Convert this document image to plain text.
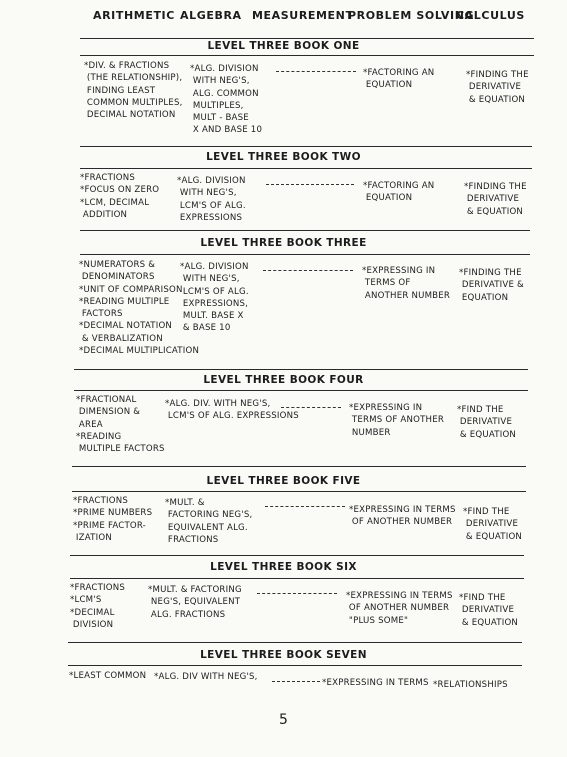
ARITHMETIC ALGEBRA MEASUREMENT
PROBLEM SOLVING
CALCULUS
LEVEL THREE BOOK ONE
*DIV. & FRACTIONS
(THE RELATIONSHIP),
FINDING LEAST
COMMON MULTIPLES,
DECIMAL NOTATION
*ALG. DIVISION
WITH NEG'S,
ALG. COMMON
MULTIPLES,
MULT - BASE
X AND BASE 10
*FACTORING AN
EQUATION
*FINDING THE
DERIVATIVE
& EQUATION
LEVEL THREE BOOK TWO
*FRACTIONS
*FOCUS ON ZERO
*LCM, DECIMAL
ADDITION
*ALG. DIVISION
WITH NEG'S,
LCM'S OF ALG.
EXPRESSIONS
*FACTORING AN
EQUATION
*FINDING THE
DERIVATIVE
& EQUATION
LEVEL THREE BOOK THREE
*NUMERATORS &
DENOMINATORS
*UNIT OF COMPARISON
*READING MULTIPLE
FACTORS
*DECIMAL NOTATION
& VERBALIZATION
*DECIMAL MULTIPLICATION
*ALG. DIVISION
WITH NEG'S,
LCM'S OF ALG.
EXPRESSIONS,
MULT. BASE X
& BASE 10
*EXPRESSING IN
TERMS OF
ANOTHER NUMBER
*FINDING THE
DERIVATIVE &
EQUATION
LEVEL THREE BOOK FOUR
*FRACTIONAL
DIMENSION &
AREA
*READING
MULTIPLE FACTORS
*ALG. DIV. WITH NEG'S,
LCM'S OF ALG. EXPRESSIONS
*EXPRESSING IN
TERMS OF ANOTHER
NUMBER
*FIND THE
DERIVATIVE
& EQUATION
LEVEL THREE BOOK FIVE
*FRACTIONS
*PRIME NUMBERS
*PRIME FACTOR-
IZATION
*MULT. &
FACTORING NEG'S,
EQUIVALENT ALG.
FRACTIONS
*EXPRESSING IN TERMS
OF ANOTHER NUMBER
*FIND THE
DERIVATIVE
& EQUATION
LEVEL THREE BOOK SIX
*FRACTIONS
*LCM'S
*DECIMAL
DIVISION
*MULT. & FACTORING
NEG'S, EQUIVALENT
ALG. FRACTIONS
*EXPRESSING IN TERMS
OF ANOTHER NUMBER
"PLUS SOME"
*FIND THE
DERIVATIVE
& EQUATION
LEVEL THREE BOOK SEVEN
*LEAST COMMON *ALG. DIV WITH NEG'S,
*EXPRESSING IN TERMS *RELATIONSHIPS
5
